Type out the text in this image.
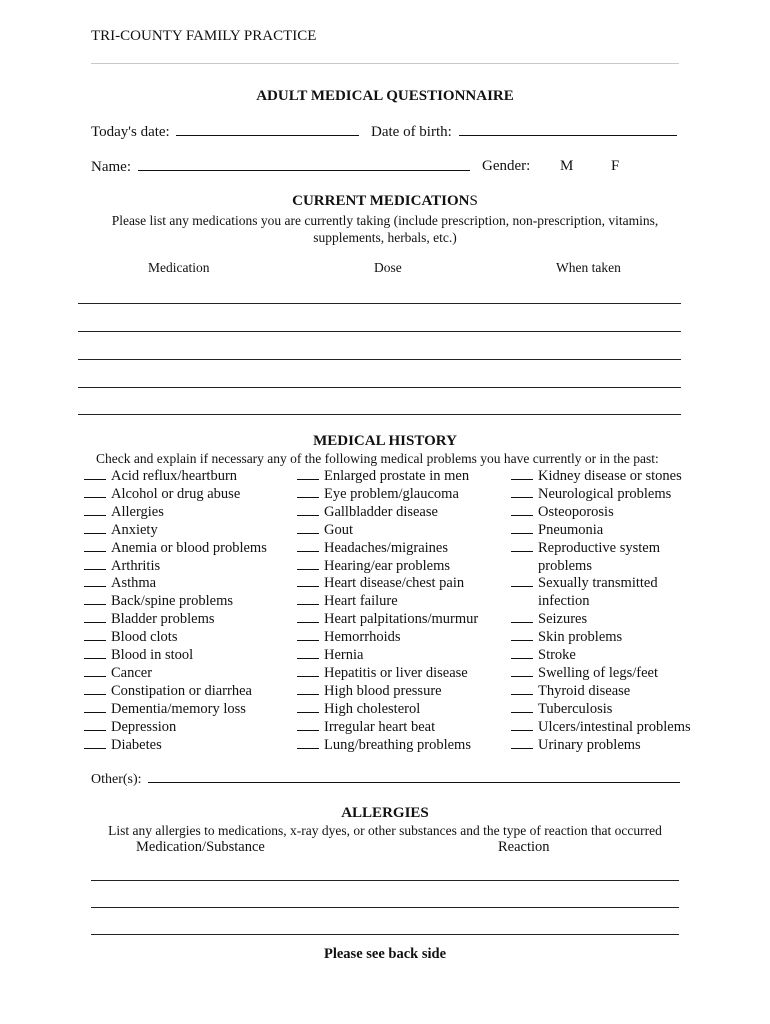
TRI-COUNTY FAMILY PRACTICE
ADULT MEDICAL QUESTIONNAIRE
Today's date:	Date of birth:
Name:	Gender: M	F
CURRENT MEDICATIONS
Please list any medications you are currently taking (include prescription, non-prescription, vitamins, supplements, herbals, etc.)
Medication	Dose	When taken
MEDICAL HISTORY
Check and explain if necessary any of the following medical problems you have currently or in the past:
Acid reflux/heartburn
Alcohol or drug abuse
Allergies
Anxiety
Anemia or blood problems
Arthritis
Asthma
Back/spine problems
Bladder problems
Blood clots
Blood in stool
Cancer
Constipation or diarrhea
Dementia/memory loss
Depression
Diabetes
Enlarged prostate in men
Eye problem/glaucoma
Gallbladder disease
Gout
Headaches/migraines
Hearing/ear problems
Heart disease/chest pain
Heart failure
Heart palpitations/murmur
Hemorrhoids
Hernia
Hepatitis or liver disease
High blood pressure
High cholesterol
Irregular heart beat
Lung/breathing problems
Kidney disease or stones
Neurological problems
Osteoporosis
Pneumonia
Reproductive system
problems
Sexually transmitted
infection
Seizures
Skin problems
Stroke
Swelling of legs/feet
Thyroid disease
Tuberculosis
Ulcers/intestinal problems
Urinary problems
Other(s):
ALLERGIES
List any allergies to medications, x-ray dyes, or other substances and the type of reaction that occurred
Medication/Substance	Reaction
Please see back side
